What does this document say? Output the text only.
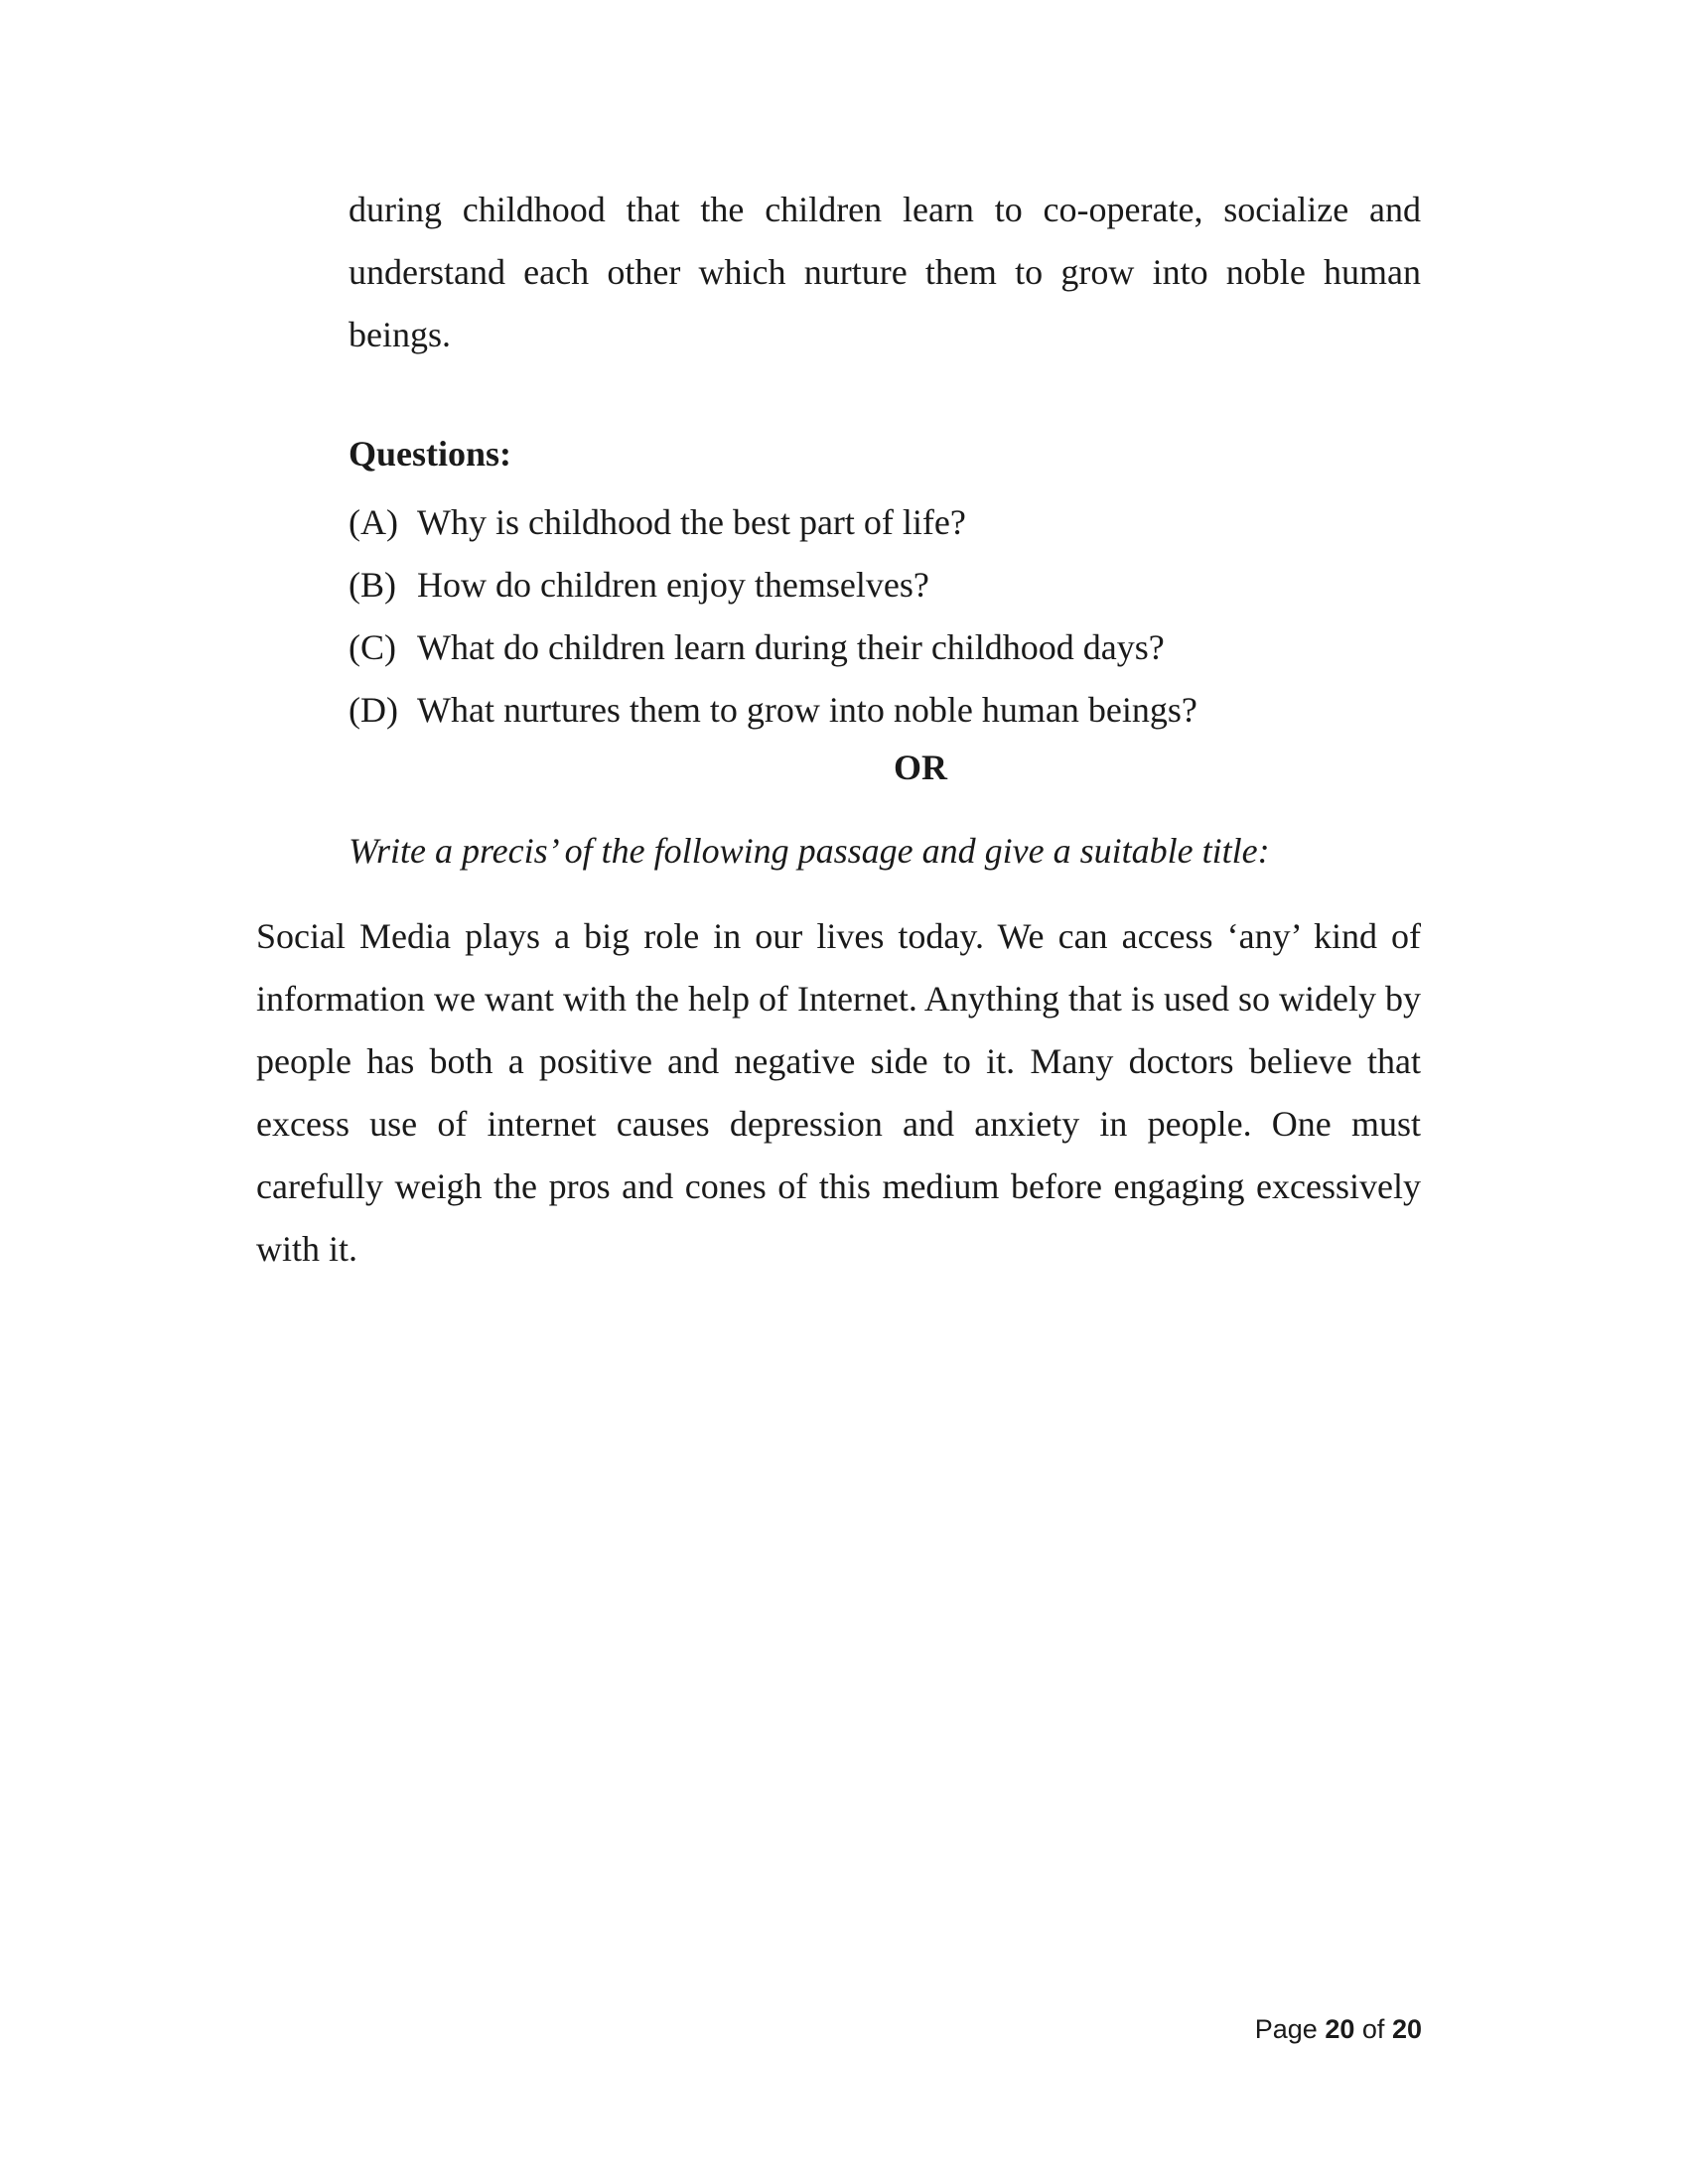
during childhood that the children learn to co-operate, socialize and understand each other which nurture them to grow into noble human beings.

Questions:

(A) Why is childhood the best part of life?
(B) How do children enjoy themselves?
(C) What do children learn during their childhood days?
(D) What nurtures them to grow into noble human beings?

OR

Write a precis’ of the following passage and give a suitable title:

Social Media plays a big role in our lives today. We can access ‘any’ kind of information we want with the help of Internet. Anything that is used so widely by people has both a positive and negative side to it. Many doctors believe that excess use of internet causes depression and anxiety in people. One must carefully weigh the pros and cones of this medium before engaging excessively with it.

Page 20 of 20
